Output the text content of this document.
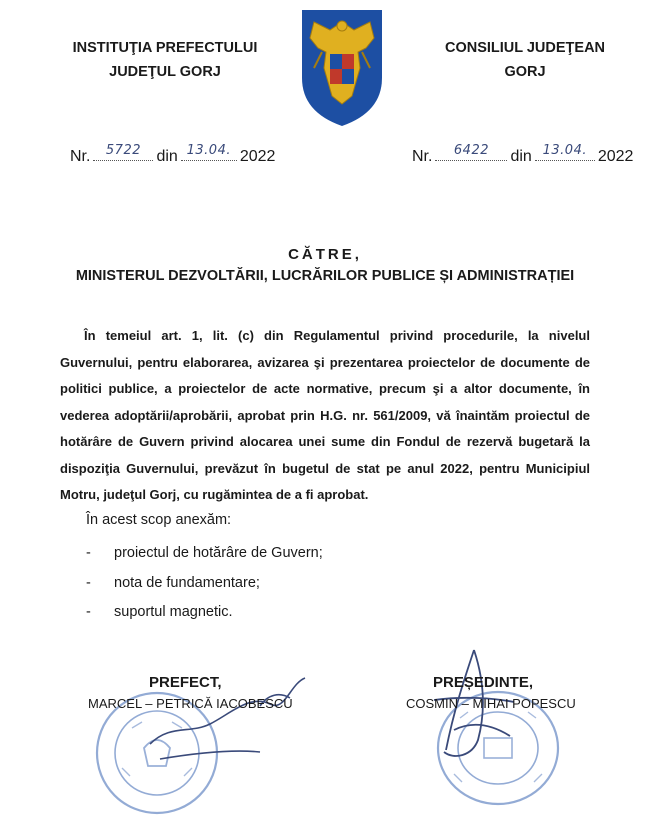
INSTITUŢIA PREFECTULUI
JUDEŢUL GORJ
CONSILIUL JUDEŢEAN
GORJ
Nr.	5722 din 13.04. 2022	Nr.	6422	din 13.04. 2022
CĂTRE,
MINISTERUL DEZVOLTĂRII, LUCRĂRILOR PUBLICE ȘI ADMINISTRAȚIEI

În temeiul art. 1, lit. (c) din Regulamentul privind procedurile, la nivelul Guvernului, pentru elaborarea, avizarea şi prezentarea proiectelor de documente de politici publice, a proiectelor de acte normative, precum şi a altor documente, în vederea adoptării/aprobării, aprobat prin H.G. nr. 561/2009, vă înaintăm proiectul de hotărâre de Guvern privind alocarea unei sume din Fondul de rezervă bugetară la dispoziţia Guvernului, prevăzut în bugetul de stat pe anul 2022, pentru Municipiul Motru, judeţul Gorj, cu rugămintea de a fi aprobat.

În acest scop anexăm:
-	proiectul de hotărâre de Guvern;
-	nota de fundamentare;
-	suportul magnetic.
PREFECT,
MARCEL – PETRICĂ IACOBESCU
PREȘEDINTE,
COSMIN – MIHAI POPESCU
